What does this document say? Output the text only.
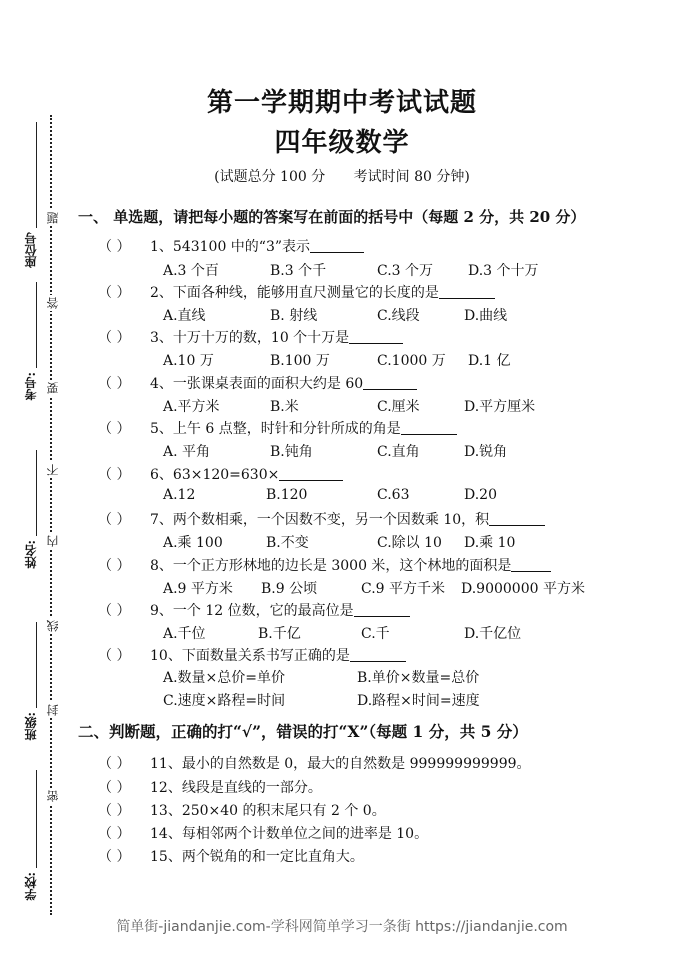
题
答
要
不
内
线
封
密
座位号
考号:
姓名:
班级:
学校:
第一学期期中考试试题
四年级数学
(试题总分 100 分 考试时间 80 分钟)
一、 单选题，请把每小题的答案写在前面的括号中（每题 2 分，共 20 分）
（ ） 1、543100 中的“3”表示
A.3 个百	B.3 个千	C.3 个万 D.3 个十万
（ ） 2、下面各种线，能够用直尺测量它的长度的是
A.直线	B. 射线	C.线段	D.曲线
（ ） 3、十万十万的数，10 个十万是
A.10 万	B.100 万	C.1000 万 D.1 亿
（ ） 4、一张课桌表面的面积大约是 60
A.平方米	B.米	C.厘米	D.平方厘米
（ ） 5、上午 6 点整，时针和分针所成的角是
A. 平角	B.钝角	C.直角	D.锐角
（ ） 6、63×120=630×
A.12	B.120	C.63	D.20
（ ） 7、两个数相乘，一个因数不变，另一个因数乘 10，积
A.乘 100	B.不变	C.除以 10 D.乘 10
（ ） 8、一个正方形林地的边长是 3000 米，这个林地的面积是
A.9 平方米 B.9 公顷	C.9 平方千米 D.9000000 平方米
（ ） 9、一个 12 位数，它的最高位是
A.千位	B.千亿	C.千	D.千亿位
（ ） 10、下面数量关系书写正确的是
A.数量×总价=单价	B.单价×数量=总价
C.速度×路程=时间	D.路程×时间=速度
二、判断题，正确的打“√”，错误的打“X”（每题 1 分，共 5 分）
（ ） 11、最小的自然数是 0，最大的自然数是 999999999999。
（ ） 12、线段是直线的一部分。
（ ） 13、250×40 的积末尾只有 2 个 0。
（ ） 14、每相邻两个计数单位之间的进率是 10。
（ ） 15、两个锐角的和一定比直角大。
简单街-jiandanjie.com-学科网简单学习一条街 https://jiandanjie.com
